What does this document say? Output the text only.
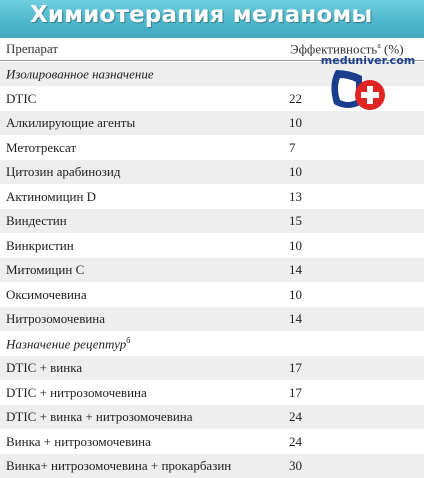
Химиотерапия меланомы
Препарат	Эффективность$^а$ (%)
Изолированное назначение
DTIC	22
Алкилирующие агенты	10
Метотрексат	7
Цитозин арабинозид	10
Актиномицин D	13
Виндестин	15
Винкристин	10
Митомицин С	14
Оксимочевина	10
Нитрозомочевина	14
Назначение рецептур$^б$
DTIC + винка	17
DTIC + нитрозомочевина	17
DTIC + винка + нитрозомочевина	24
Винка + нитрозомочевина	24
Винка+ нитрозомочевина + прокарбазин	30
meduniver.com
